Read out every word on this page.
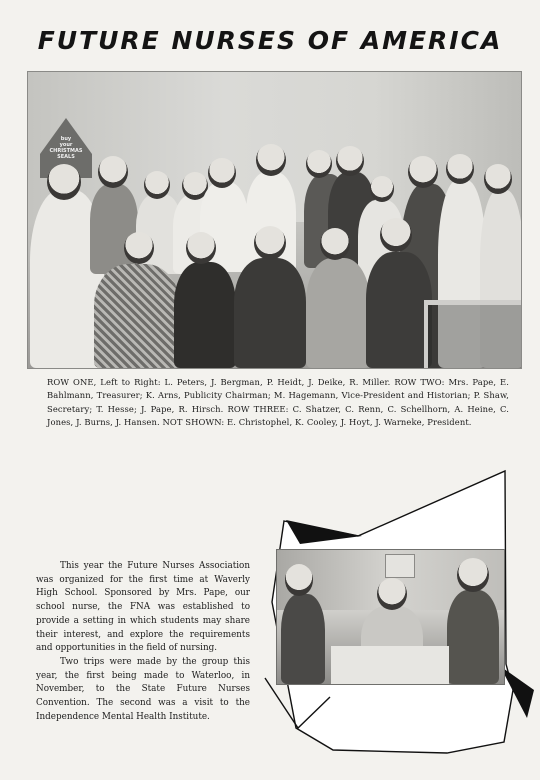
FUTURE NURSES OF AMERICA
buy
your
CHRISTMAS
SEALS
ROW ONE, Left to Right: L. Peters, J. Bergman, P. Heidt, J. Deike, R. Miller. ROW TWO: Mrs. Pape, E. Bahlmann, Treasurer; K. Arns, Publicity Chairman; M. Hagemann, Vice-President and Historian; P. Shaw, Secretary; T. Hesse; J. Pape, R. Hirsch. ROW THREE: C. Shatzer, C. Renn, C. Schellhorn, A. Heine, C. Jones, J. Burns, J. Hansen. NOT SHOWN: E. Christophel, K. Cooley, J. Hoyt, J. Warneke, President.

This year the Future Nurses Association was organized for the first time at Waverly High School. Sponsored by Mrs. Pape, our school nurse, the FNA was established to provide a setting in which students may share their interest, and explore the requirements and opportunities in the field of nursing.

Two trips were made by the group this year, the first being made to Waterloo, in November, to the State Future Nurses Convention. The second was a visit to the Independence Mental Health Institute.
